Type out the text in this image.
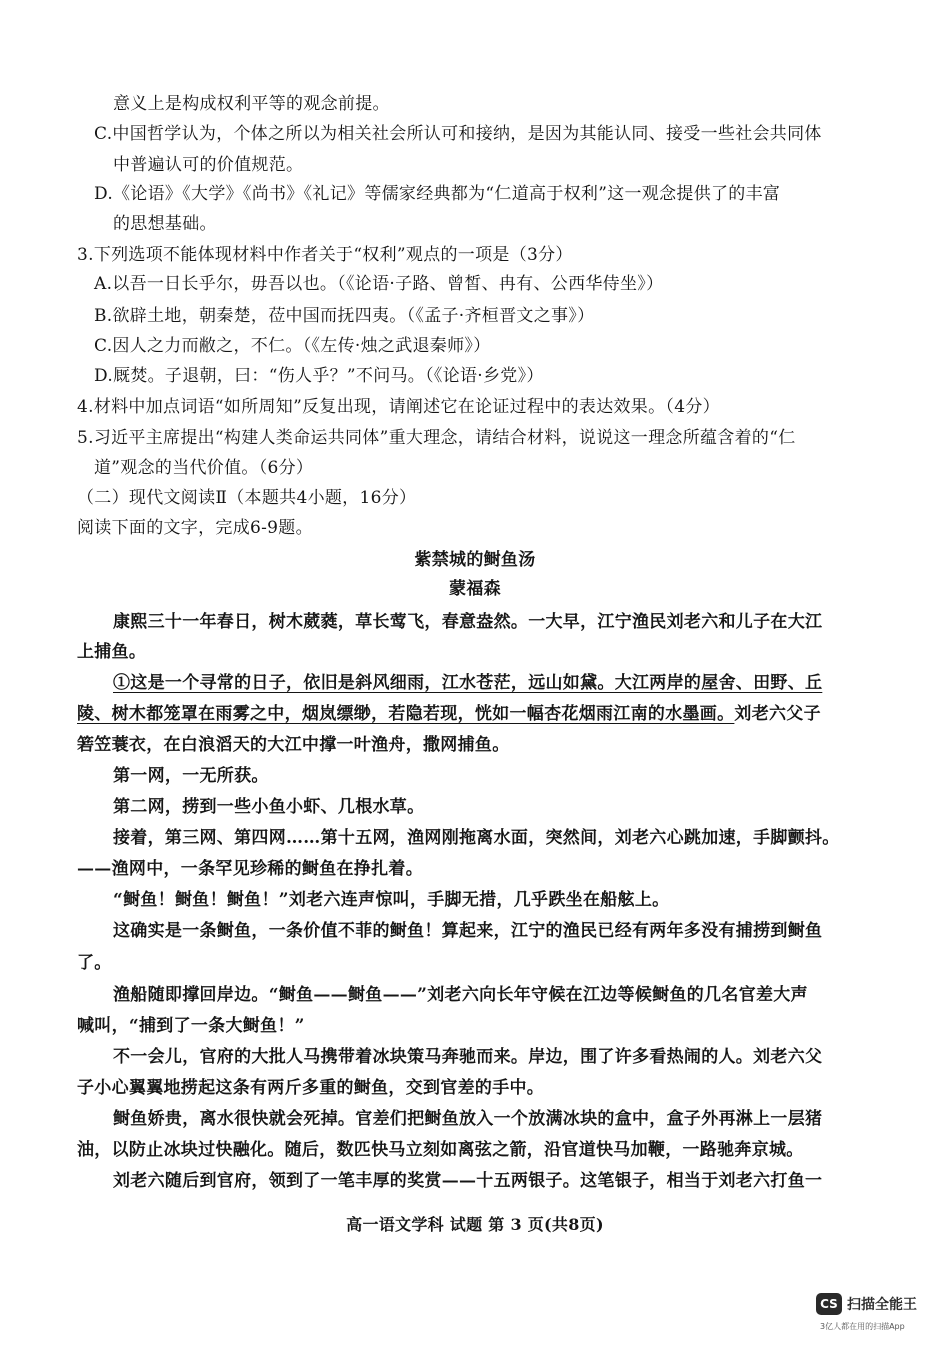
意义上是构成权利平等的观念前提。
C.中国哲学认为，个体之所以为相关社会所认可和接纳，是因为其能认同、接受一些社会共同体
中普遍认可的价值规范。
D.《论语》《大学》《尚书》《礼记》等儒家经典都为“仁道高于权利”这一观念提供了的丰富
的思想基础。
3.下列选项不能体现材料中作者关于“权利”观点的一项是（3分）
A.以吾一日长乎尔，毋吾以也。（《论语·子路、曾皙、冉有、公西华侍坐》）
B.欲辟土地，朝秦楚，莅中国而抚四夷。（《孟子·齐桓晋文之事》）
C.因人之力而敝之，不仁。（《左传·烛之武退秦师》）
D.厩焚。子退朝，曰：“伤人乎？”不问马。（《论语·乡党》）
4.材料中加点词语“如所周知”反复出现，请阐述它在论证过程中的表达效果。（4分）
5.习近平主席提出“构建人类命运共同体”重大理念，请结合材料，说说这一理念所蕴含着的“仁
道”观念的当代价值。（6分）
（二）现代文阅读Ⅱ（本题共4小题，16分）
阅读下面的文字，完成6-9题。
紫禁城的鲥鱼汤
蒙福森
康熙三十一年春日，树木葳蕤，草长莺飞，春意盎然。一大早，江宁渔民刘老六和儿子在大江
上捕鱼。
①这是一个寻常的日子，依旧是斜风细雨，江水苍茫，远山如黛。大江两岸的屋舍、田野、丘
陵、树木都笼罩在雨雾之中，烟岚缥缈，若隐若现，恍如一幅杏花烟雨江南的水墨画。刘老六父子
箬笠蓑衣，在白浪滔天的大江中撑一叶渔舟，撒网捕鱼。
第一网，一无所获。
第二网，捞到一些小鱼小虾、几根水草。
接着，第三网、第四网……第十五网，渔网刚拖离水面，突然间，刘老六心跳加速，手脚颤抖。
——渔网中，一条罕见珍稀的鲥鱼在挣扎着。
“鲥鱼！鲥鱼！鲥鱼！”刘老六连声惊叫，手脚无措，几乎跌坐在船舷上。
这确实是一条鲥鱼，一条价值不菲的鲥鱼！算起来，江宁的渔民已经有两年多没有捕捞到鲥鱼
了。
渔船随即撑回岸边。“鲥鱼——鲥鱼——”刘老六向长年守候在江边等候鲥鱼的几名官差大声
喊叫，“捕到了一条大鲥鱼！”
不一会儿，官府的大批人马携带着冰块策马奔驰而来。岸边，围了许多看热闹的人。刘老六父
子小心翼翼地捞起这条有两斤多重的鲥鱼，交到官差的手中。
鲥鱼娇贵，离水很快就会死掉。官差们把鲥鱼放入一个放满冰块的盒中，盒子外再淋上一层猪
油，以防止冰块过快融化。随后，数匹快马立刻如离弦之箭，沿官道快马加鞭，一路驰奔京城。
刘老六随后到官府，领到了一笔丰厚的奖赏——十五两银子。这笔银子，相当于刘老六打鱼一
高一语文学科 试题 第 3 页(共8页)
CS 扫描全能王
3亿人都在用的扫描App
